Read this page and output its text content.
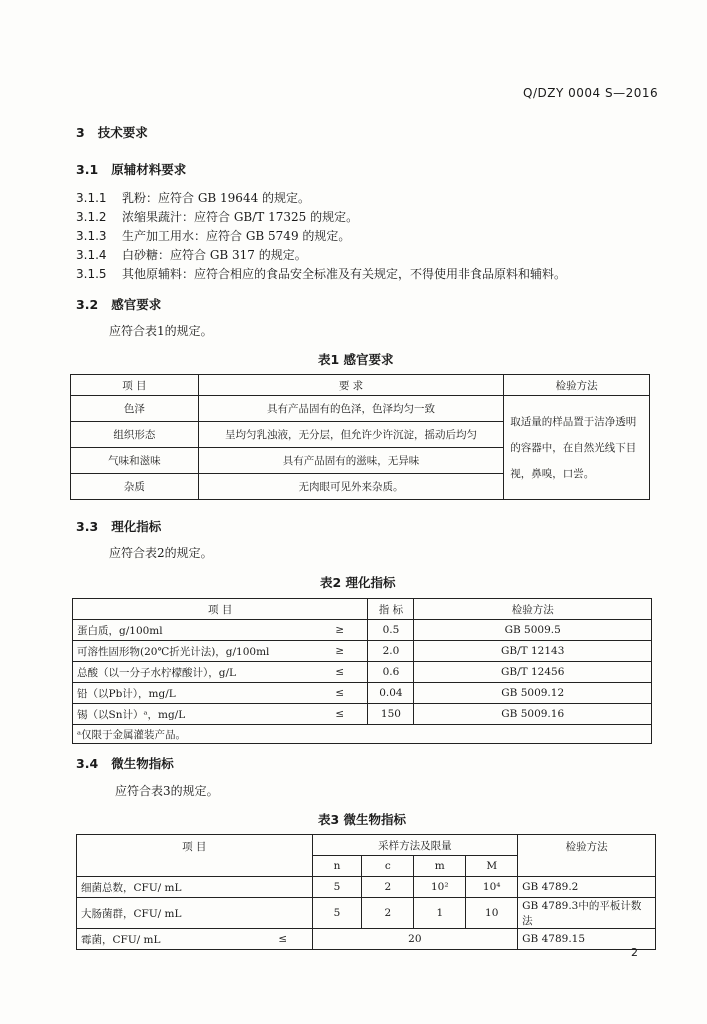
Q/DZY 0004 S—2016
3 技术要求
3.1 原辅材料要求
3.1.1 乳粉：应符合 GB 19644 的规定。
3.1.2 浓缩果蔬汁：应符合 GB/T 17325 的规定。
3.1.3 生产加工用水：应符合 GB 5749 的规定。
3.1.4 白砂糖：应符合 GB 317 的规定。
3.1.5 其他原辅料：应符合相应的食品安全标准及有关规定，不得使用非食品原料和辅料。
3.2 感官要求
应符合表1的规定。
表1 感官要求
项 目	要 求	检验方法
色泽	具有产品固有的色泽，色泽均匀一致	取适量的样品置于洁净透明的容器中，在自然光线下目视，鼻嗅，口尝。
组织形态	呈均匀乳浊液，无分层，但允许少许沉淀，摇动后均匀	
气味和滋味	具有产品固有的滋味，无异味	
杂质	无肉眼可见外来杂质。	
3.3 理化指标
应符合表2的规定。
表2 理化指标
项 目		指 标	检验方法
蛋白质，g/100ml	≥	0.5	GB 5009.5
可溶性固形物(20℃折光计法)，g/100ml	≥	2.0	GB/T 12143
总酸（以一分子水柠檬酸计），g/L	≤	0.6	GB/T 12456
铅（以Pb计），mg/L	≤	0.04	GB 5009.12
锡（以Sn计）ᵃ，mg/L	≤	150	GB 5009.16
ᵃ仅限于金属灌装产品。			
3.4 微生物指标
应符合表3的规定。
表3 微生物指标
项 目		采样方法及限量				检验方法
		n	c	m	M	
细菌总数，CFU/ mL		5	2	10²	10⁴	GB 4789.2
大肠菌群，CFU/ mL		5	2	1	10	GB 4789.3中的平板计数法
霉菌，CFU/ mL	≤	20				GB 4789.15
2
